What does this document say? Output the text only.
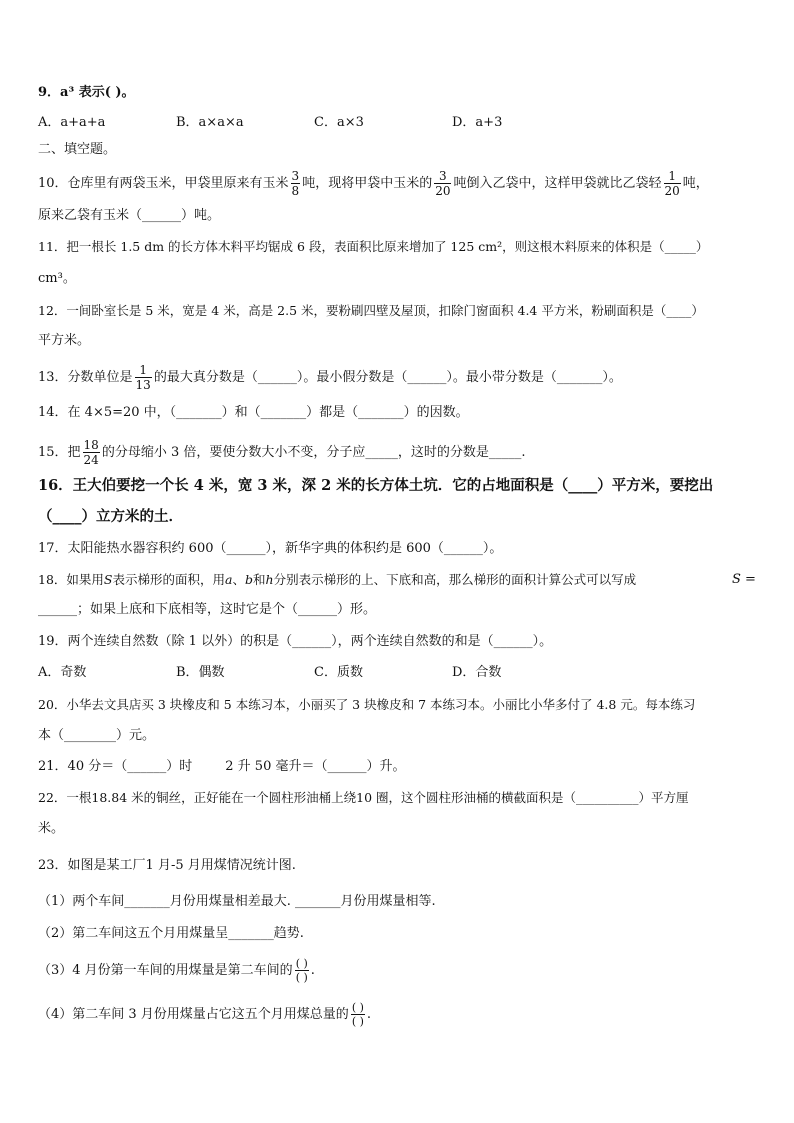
9．a³ 表示( )。
A．a+a+a	B．a×a×a	C．a×3	D．a+3
二、填空题。
10．仓库里有两袋玉米，甲袋里原来有玉米 $\frac{3}{8}$ 吨，现将甲袋中玉米的 $\frac{3}{20}$ 吨倒入乙袋中，这样甲袋就比乙袋轻 $\frac{1}{20}$ 吨，
原来乙袋有玉米（______）吨。
11．把一根长 1.5 dm 的长方体木料平均锯成 6 段，表面积比原来增加了 125 cm²，则这根木料原来的体积是（_____）
cm³。
12．一间卧室长是 5 米，宽是 4 米，高是 2.5 米，要粉刷四壁及屋顶，扣除门窗面积 4.4 平方米，粉刷面积是（____）
平方米。
13．分数单位是 $\frac{1}{13}$ 的最大真分数是（______）。最小假分数是（______）。最小带分数是（_______）。
14．在 4×5=20 中，（_______）和（_______）都是（_______）的因数。
15．把 $\frac{18}{24}$ 的分母缩小 3 倍，要使分数大小不变，分子应_____，这时的分数是_____.
16．王大伯要挖一个长 4 米，宽 3 米，深 2 米的长方体土坑．它的占地面积是（____）平方米，要挖出
（____）立方米的土．
17．太阳能热水器容积约 600（______），新华字典的体积约是 600（______）。
18．如果用S表示梯形的面积，用a、b和h分别表示梯形的上、下底和高，那么梯形的面积计算公式可以写成	S =
______；如果上底和下底相等，这时它是个（______）形。
19．两个连续自然数（除 1 以外）的积是（______），两个连续自然数的和是（______）。
A．奇数	B．偶数	C．质数	D．合数
20．小华去文具店买 3 块橡皮和 5 本练习本，小丽买了 3 块橡皮和 7 本练习本。小丽比小华多付了 4.8 元。每本练习
本（________）元。
21．40 分＝（______）时        2 升 50 毫升＝（______）升。
22．一根18.84 米的铜丝，正好能在一个圆柱形油桶上绕10 圈，这个圆柱形油桶的横截面积是（__________）平方厘
米。
23．如图是某工厂1 月-5 月用煤情况统计图.
（1）两个车间_______月份用煤量相差最大. _______月份用煤量相等.
（2）第二车间这五个月用煤量呈_______趋势.
（3）4 月份第一车间的用煤量是第二车间的 $\frac{( )}{( )}$ .
（4）第二车间 3 月份用煤量占它这五个月用煤总量的 $\frac{( )}{( )}$ .
